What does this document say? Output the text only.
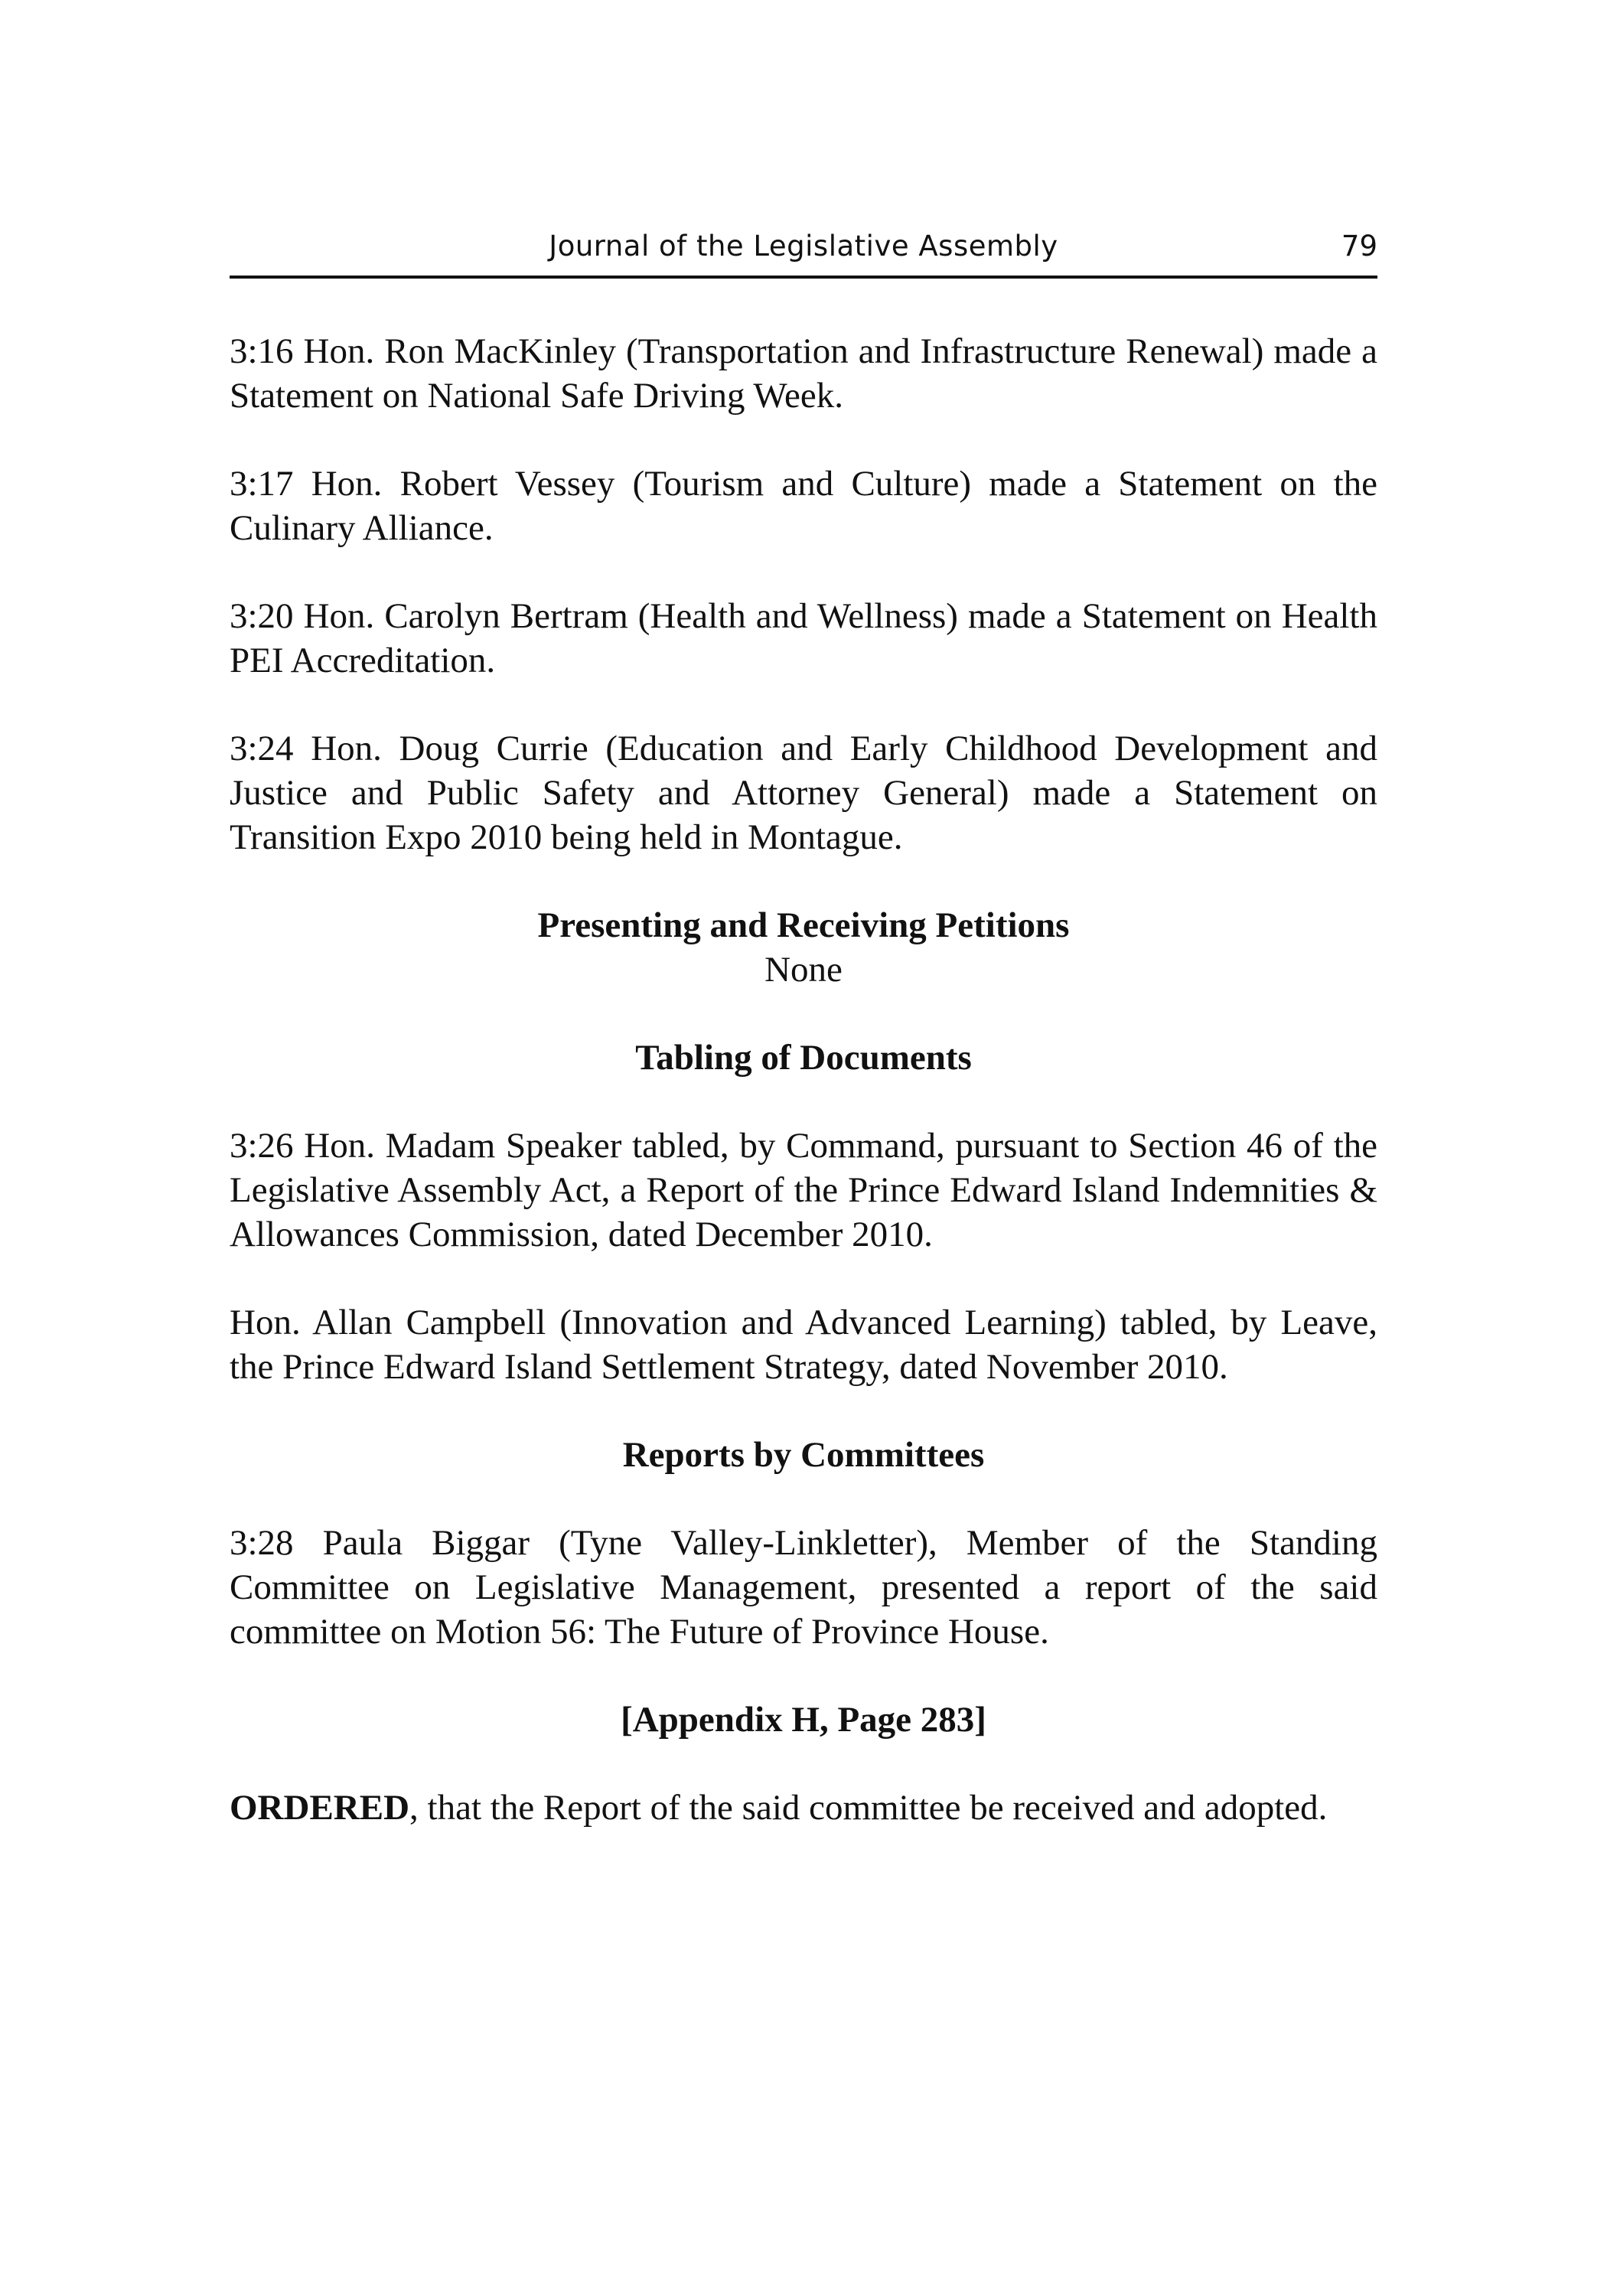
Journal of the Legislative Assembly	79

3:16 Hon. Ron MacKinley (Transportation and Infrastructure Renewal) made a Statement on National Safe Driving Week.

3:17 Hon. Robert Vessey (Tourism and Culture) made a Statement on the Culinary Alliance.

3:20 Hon. Carolyn Bertram (Health and Wellness) made a Statement on Health PEI Accreditation.

3:24 Hon. Doug Currie (Education and Early Childhood Development and Justice and Public Safety and Attorney General) made a Statement on Transition Expo 2010 being held in Montague.

Presenting and Receiving Petitions

None

Tabling of Documents

3:26 Hon. Madam Speaker tabled, by Command, pursuant to Section 46 of the Legislative Assembly Act, a Report of the Prince Edward Island Indemnities & Allowances Commission, dated December 2010.

Hon. Allan Campbell (Innovation and Advanced Learning) tabled, by Leave, the Prince Edward Island Settlement Strategy, dated November 2010.

Reports by Committees

3:28 Paula Biggar (Tyne Valley-Linkletter), Member of the Standing Committee on Legislative Management, presented a report of the said committee on Motion 56: The Future of Province House.

[Appendix H, Page 283]

ORDERED, that the Report of the said committee be received and adopted.
